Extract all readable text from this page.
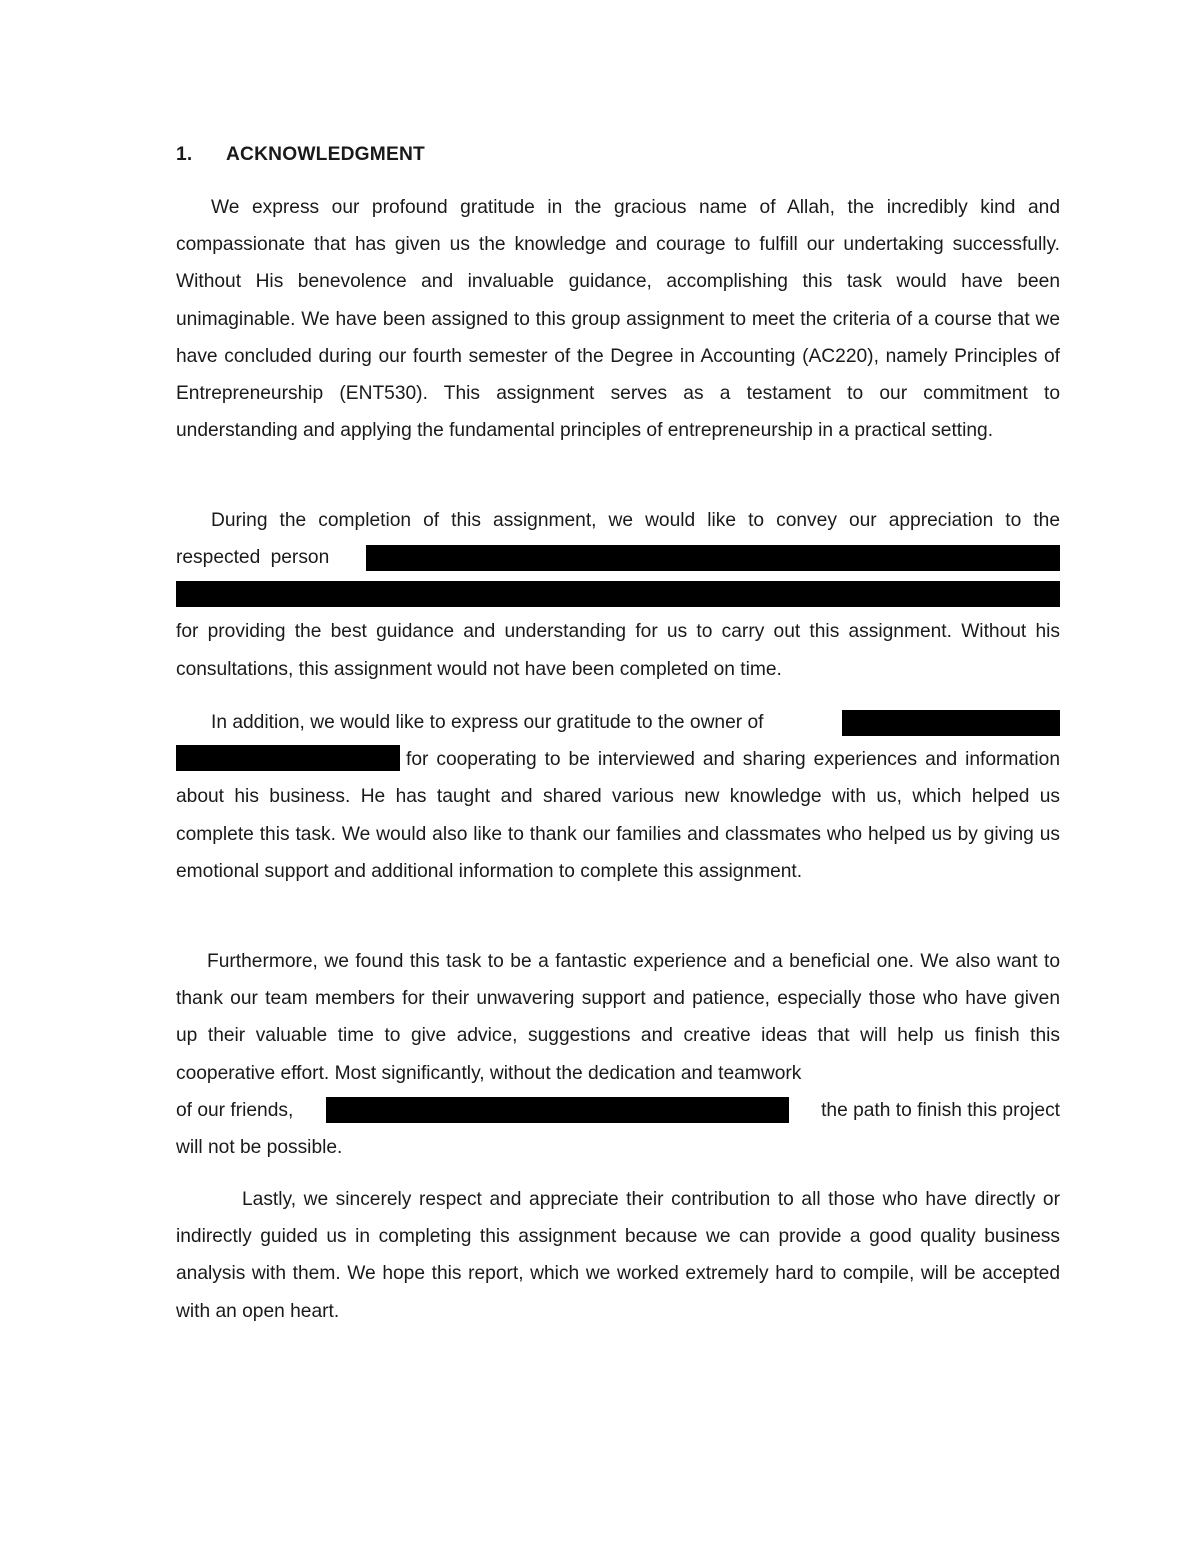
1. ACKNOWLEDGMENT

We express our profound gratitude in the gracious name of Allah, the incredibly kind and compassionate that has given us the knowledge and courage to fulfill our undertaking successfully. Without His benevolence and invaluable guidance, accomplishing this task would have been unimaginable. We have been assigned to this group assignment to meet the criteria of a course that we have concluded during our fourth semester of the Degree in Accounting (AC220), namely Principles of Entrepreneurship (ENT530). This assignment serves as a testament to our commitment to understanding and applying the fundamental principles of entrepreneurship in a practical setting.

During the completion of this assignment, we would like to convey our appreciation to the
respected person
for providing the best guidance and understanding for us to carry out this assignment. Without his consultations, this assignment would not have been completed on time.
In addition, we would like to express our gratitude to the owner of
for cooperating to be interviewed and sharing experiences and information about his business. He has taught and shared various new knowledge with us, which helped us complete this task. We would also like to thank our families and classmates who helped us by giving us emotional support and additional information to complete this assignment.
Furthermore, we found this task to be a fantastic experience and a beneficial one. We also want to thank our team members for their unwavering support and patience, especially those who have given up their valuable time to give advice, suggestions and creative ideas that will help us finish this cooperative effort. Most significantly, without the dedication and teamwork
of our friends,	the path to finish this project
will not be possible.

Lastly, we sincerely respect and appreciate their contribution to all those who have directly or indirectly guided us in completing this assignment because we can provide a good quality business analysis with them. We hope this report, which we worked extremely hard to compile, will be accepted with an open heart.
